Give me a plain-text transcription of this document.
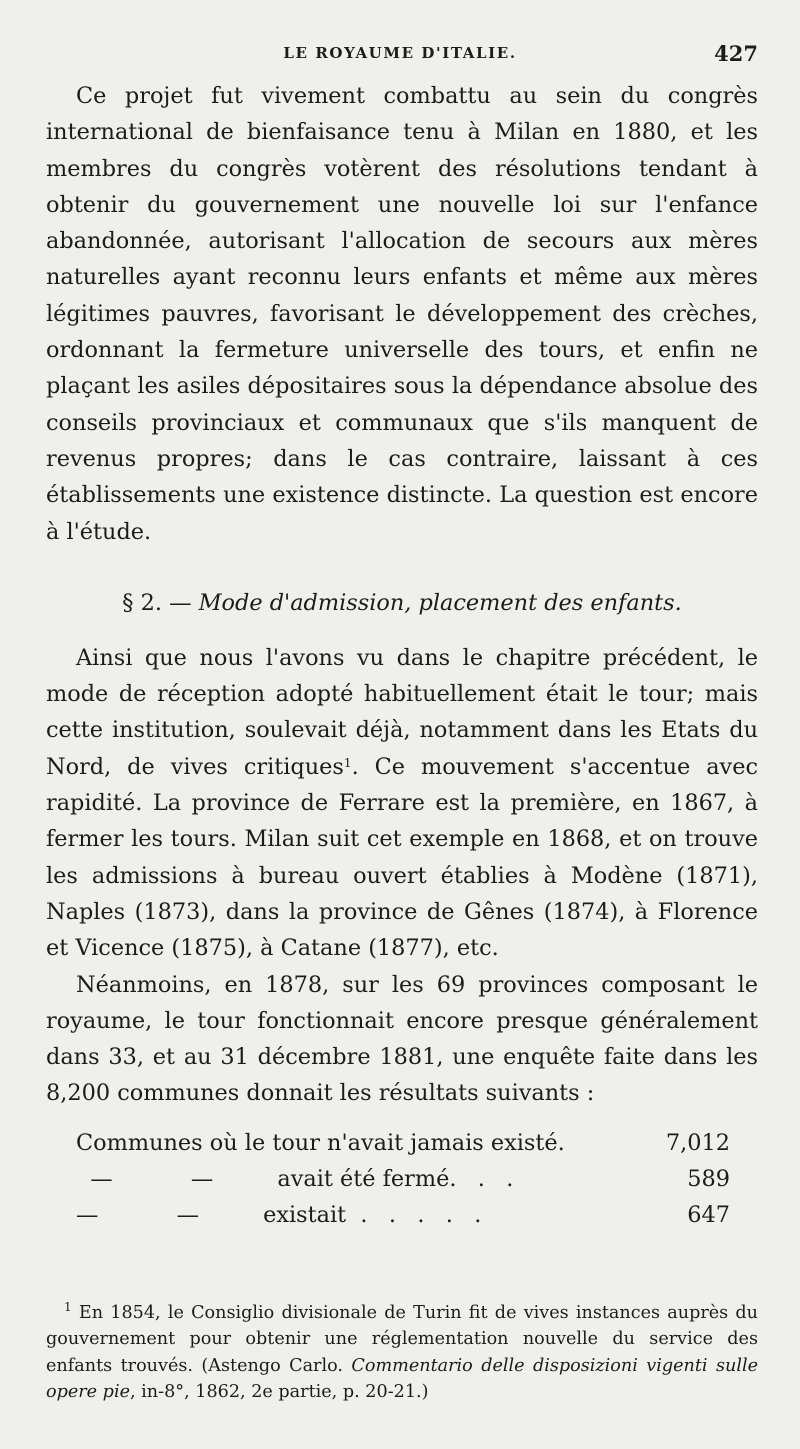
LE ROYAUME D'ITALIE.	427

Ce projet fut vivement combattu au sein du congrès international de bienfaisance tenu à Milan en 1880, et les membres du congrès votèrent des résolutions tendant à obtenir du gouvernement une nouvelle loi sur l'enfance abandonnée, autorisant l'allocation de secours aux mères naturelles ayant reconnu leurs enfants et même aux mères légitimes pauvres, favorisant le développement des crèches, ordonnant la fermeture universelle des tours, et enfin ne plaçant les asiles dépositaires sous la dépendance absolue des conseils provinciaux et communaux que s'ils manquent de revenus propres; dans le cas contraire, laissant à ces établissements une existence distincte. La question est encore à l'étude.

§ 2. — Mode d'admission, placement des enfants.

Ainsi que nous l'avons vu dans le chapitre précédent, le mode de réception adopté habituellement était le tour; mais cette institution, soulevait déjà, notamment dans les Etats du Nord, de vives critiques$^1$. Ce mouvement s'accentue avec rapidité. La province de Ferrare est la première, en 1867, à fermer les tours. Milan suit cet exemple en 1868, et on trouve les admissions à bureau ouvert établies à Modène (1871), Naples (1873), dans la province de Gênes (1874), à Florence et Vicence (1875), à Catane (1877), etc.

Néanmoins, en 1878, sur les 69 provinces composant le royaume, le tour fonctionnait encore presque généralement dans 33, et au 31 décembre 1881, une enquête faite dans les 8,200 communes donnait les résultats suivants :

Communes où le tour n'avait jamais existé.	7,012
—           —         avait été fermé.   .   .	589
—           —         existait  .   .   .   .   .	647

$^1$ En 1854, le Consiglio divisionale de Turin fit de vives instances auprès du gouvernement pour obtenir une réglementation nouvelle du service des enfants trouvés. (Astengo Carlo. Commentario delle disposizioni vigenti sulle opere pie, in-8°, 1862, 2e partie, p. 20-21.)
